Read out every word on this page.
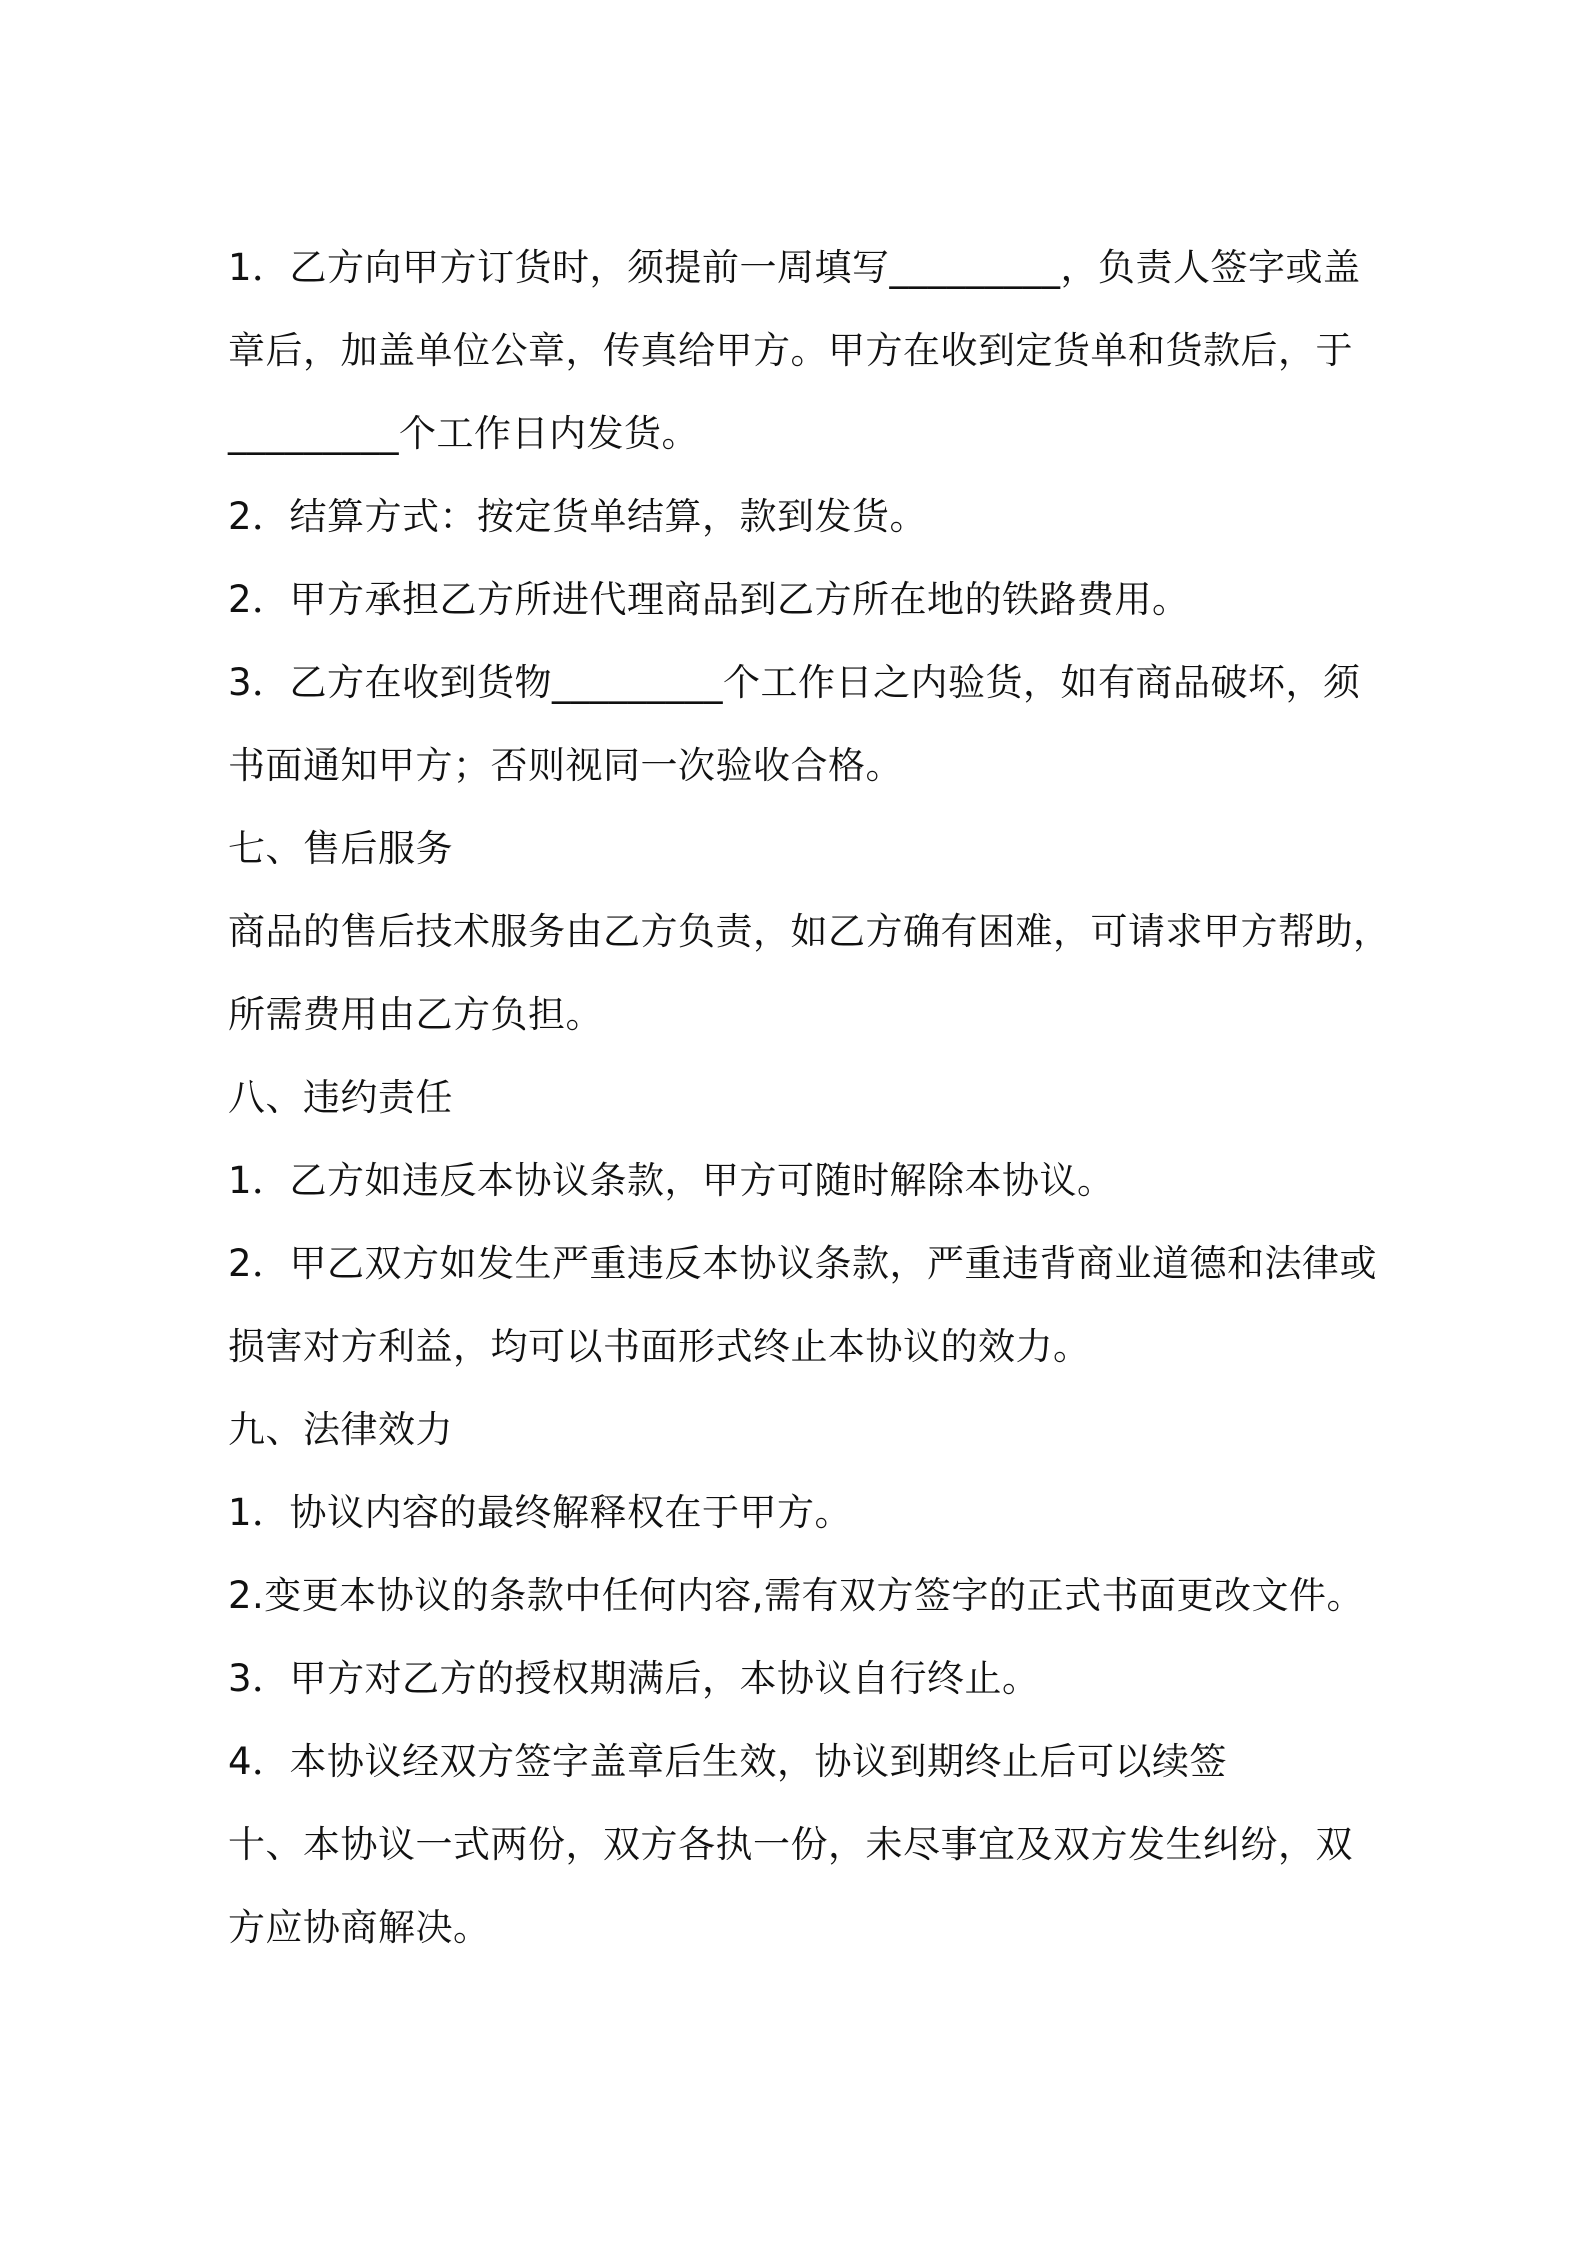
1．乙方向甲方订货时，须提前一周填写_________，负责人签字或盖
章后，加盖单位公章，传真给甲方。甲方在收到定货单和货款后，于
_________个工作日内发货。
2．结算方式：按定货单结算，款到发货。
2．甲方承担乙方所进代理商品到乙方所在地的铁路费用。
3．乙方在收到货物_________个工作日之内验货，如有商品破坏，须
书面通知甲方；否则视同一次验收合格。
七、售后服务
商品的售后技术服务由乙方负责，如乙方确有困难，可请求甲方帮助，
所需费用由乙方负担。
八、违约责任
1．乙方如违反本协议条款，甲方可随时解除本协议。
2．甲乙双方如发生严重违反本协议条款，严重违背商业道德和法律或
损害对方利益，均可以书面形式终止本协议的效力。
九、法律效力
1．协议内容的最终解释权在于甲方。
2.变更本协议的条款中任何内容,需有双方签字的正式书面更改文件。
3．甲方对乙方的授权期满后，本协议自行终止。
4．本协议经双方签字盖章后生效，协议到期终止后可以续签
十、本协议一式两份，双方各执一份，未尽事宜及双方发生纠纷，双
方应协商解决。
